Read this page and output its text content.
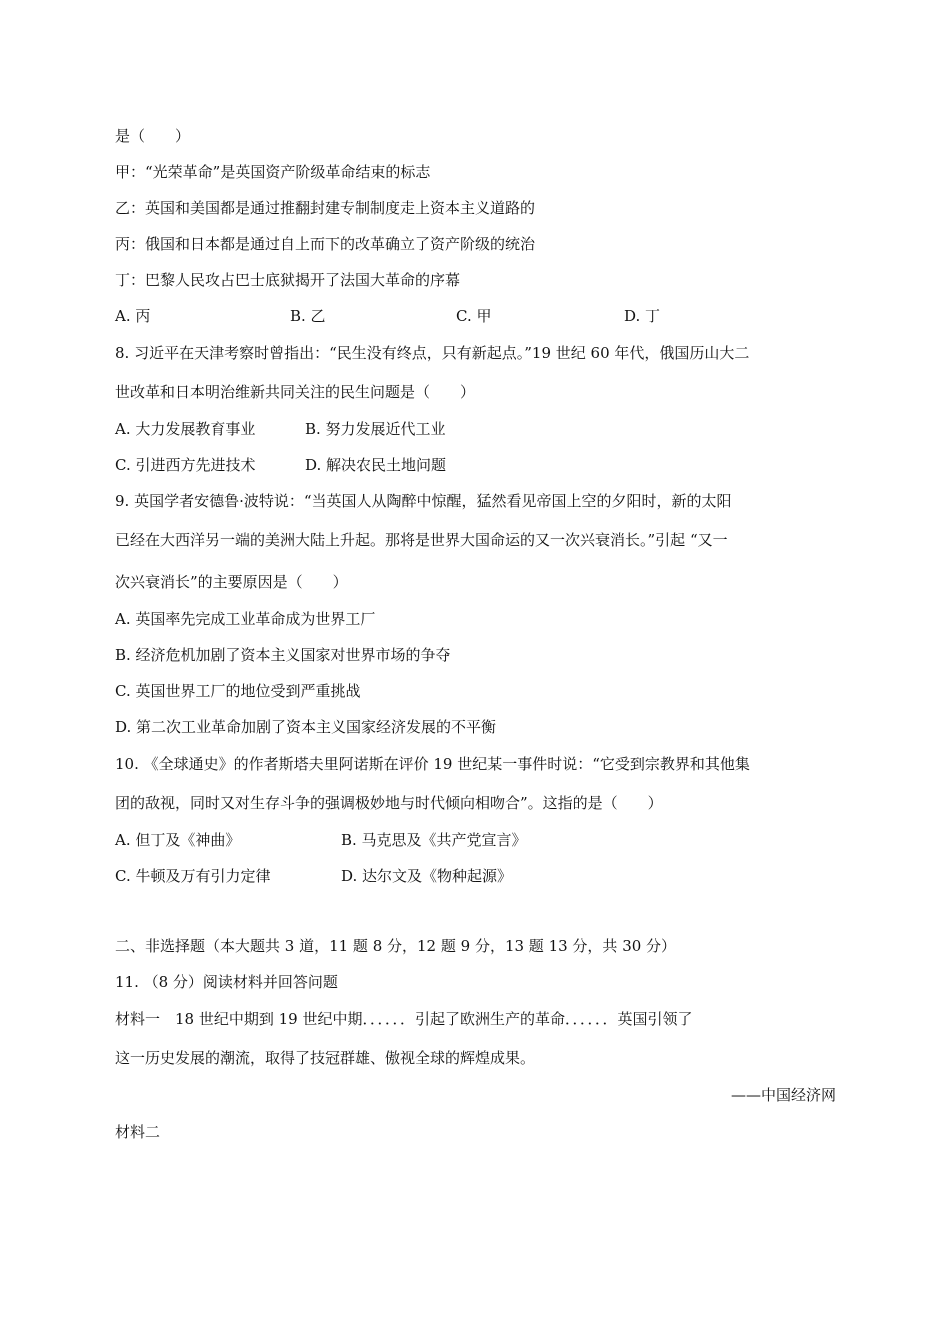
是（　　）
甲：“光荣革命”是英国资产阶级革命结束的标志
乙：英国和美国都是通过推翻封建专制制度走上资本主义道路的
丙：俄国和日本都是通过自上而下的改革确立了资产阶级的统治
丁：巴黎人民攻占巴士底狱揭开了法国大革命的序幕
A. 丙	B. 乙	C. 甲	D. 丁
8. 习近平在天津考察时曾指出：“民生没有终点，只有新起点。”19 世纪 60 年代，俄国历山大二
世改革和日本明治维新共同关注的民生问题是（　　）
A. 大力发展教育事业	B. 努力发展近代工业
C. 引进西方先进技术	D. 解决农民土地问题
9. 英国学者安德鲁·波特说：“当英国人从陶醉中惊醒，猛然看见帝国上空的夕阳时，新的太阳
已经在大西洋另一端的美洲大陆上升起。那将是世界大国命运的又一次兴衰消长。”引起 “又一
次兴衰消长”的主要原因是（　　）
A. 英国率先完成工业革命成为世界工厂
B. 经济危机加剧了资本主义国家对世界市场的争夺
C. 英国世界工厂的地位受到严重挑战
D. 第二次工业革命加剧了资本主义国家经济发展的不平衡
10. 《全球通史》的作者斯塔夫里阿诺斯在评价 19 世纪某一事件时说：“它受到宗教界和其他集
团的敌视，同时又对生存斗争的强调极妙地与时代倾向相吻合”。这指的是（　　）
A. 但丁及《神曲》	B. 马克思及《共产党宣言》
C. 牛顿及万有引力定律	D. 达尔文及《物种起源》
二、非选择题（本大题共 3 道，11 题 8 分，12 题 9 分，13 题 13 分，共 30 分）
11. （8 分）阅读材料并回答问题
材料一　18 世纪中期到 19 世纪中期．．．．．．引起了欧洲生产的革命．．．．．．英国引领了
这一历史发展的潮流，取得了技冠群雄、傲视全球的辉煌成果。
——中国经济网
材料二
